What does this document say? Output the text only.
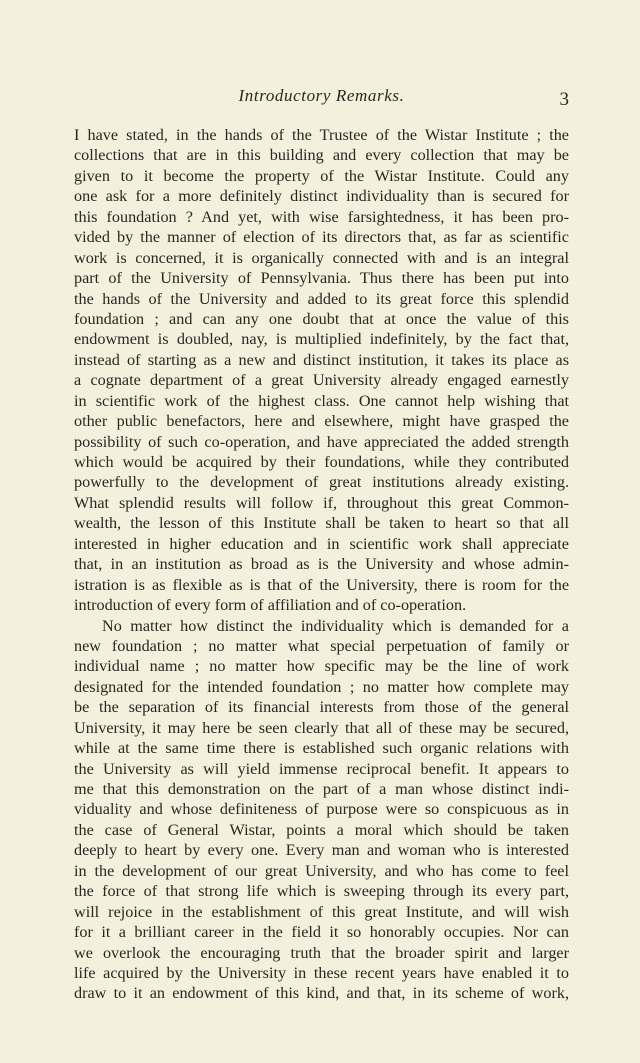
Introductory Remarks.	3
I have stated, in the hands of the Trustee of the Wistar Institute ; the
collections that are in this building and every collection that may be
given to it become the property of the Wistar Institute. Could any
one ask for a more definitely distinct individuality than is secured for
this foundation ? And yet, with wise farsightedness, it has been pro-
vided by the manner of election of its directors that, as far as scientific
work is concerned, it is organically connected with and is an integral
part of the University of Pennsylvania. Thus there has been put into
the hands of the University and added to its great force this splendid
foundation ; and can any one doubt that at once the value of this
endowment is doubled, nay, is multiplied indefinitely, by the fact that,
instead of starting as a new and distinct institution, it takes its place as
a cognate department of a great University already engaged earnestly
in scientific work of the highest class. One cannot help wishing that
other public benefactors, here and elsewhere, might have grasped the
possibility of such co-operation, and have appreciated the added strength
which would be acquired by their foundations, while they contributed
powerfully to the development of great institutions already existing.
What splendid results will follow if, throughout this great Common-
wealth, the lesson of this Institute shall be taken to heart so that all
interested in higher education and in scientific work shall appreciate
that, in an institution as broad as is the University and whose admin-
istration is as flexible as is that of the University, there is room for the
introduction of every form of affiliation and of co-operation.
No matter how distinct the individuality which is demanded for a
new foundation ; no matter what special perpetuation of family or
individual name ; no matter how specific may be the line of work
designated for the intended foundation ; no matter how complete may
be the separation of its financial interests from those of the general
University, it may here be seen clearly that all of these may be secured,
while at the same time there is established such organic relations with
the University as will yield immense reciprocal benefit. It appears to
me that this demonstration on the part of a man whose distinct indi-
viduality and whose definiteness of purpose were so conspicuous as in
the case of General Wistar, points a moral which should be taken
deeply to heart by every one. Every man and woman who is interested
in the development of our great University, and who has come to feel
the force of that strong life which is sweeping through its every part,
will rejoice in the establishment of this great Institute, and will wish
for it a brilliant career in the field it so honorably occupies. Nor can
we overlook the encouraging truth that the broader spirit and larger
life acquired by the University in these recent years have enabled it to
draw to it an endowment of this kind, and that, in its scheme of work,
